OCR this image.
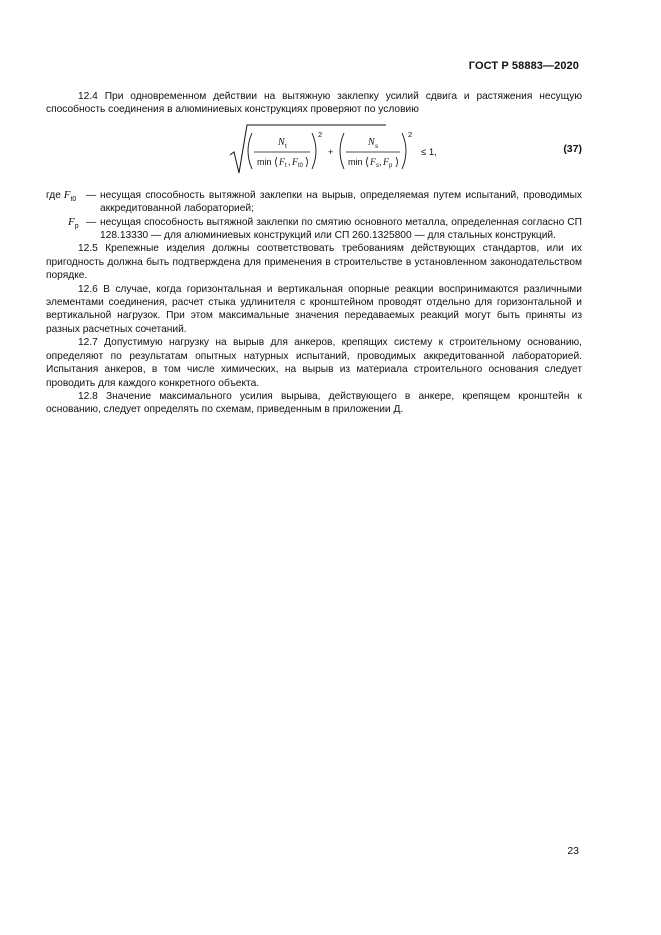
ГОСТ Р 58883—2020

12.4 При одновременном действии на вытяжную заклепку усилий сдвига и растяжения несущую способность соединения в алюминиевых конструкциях проверяют по условию

N t
min F t , F t0
2
+
N s
min F s , F p
2
≤ 1,	(37)
где $F_{t0}$ — несущая способность вытяжной заклепки на вырыв, определяемая путем испытаний, проводимых аккредитованной лабораторией;
$F_p$ — несущая способность вытяжной заклепки по смятию основного металла, определенная согласно СП 128.13330 — для алюминиевых конструкций или СП 260.1325800 — для стальных конструкций.

12.5 Крепежные изделия должны соответствовать требованиям действующих стандартов, или их пригодность должна быть подтверждена для применения в строительстве в установленном законодательством порядке.

12.6 В случае, когда горизонтальная и вертикальная опорные реакции воспринимаются различными элементами соединения, расчет стыка удлинителя с кронштейном проводят отдельно для горизонтальной и вертикальной нагрузок. При этом максимальные значения передаваемых реакций могут быть приняты из разных расчетных сочетаний.

12.7 Допустимую нагрузку на вырыв для анкеров, крепящих систему к строительному основанию, определяют по результатам опытных натурных испытаний, проводимых аккредитованной лабораторией. Испытания анкеров, в том числе химических, на вырыв из материала строительного основания следует проводить для каждого конкретного объекта.

12.8 Значение максимального усилия вырыва, действующего в анкере, крепящем кронштейн к основанию, следует определять по схемам, приведенным в приложении Д.

23
